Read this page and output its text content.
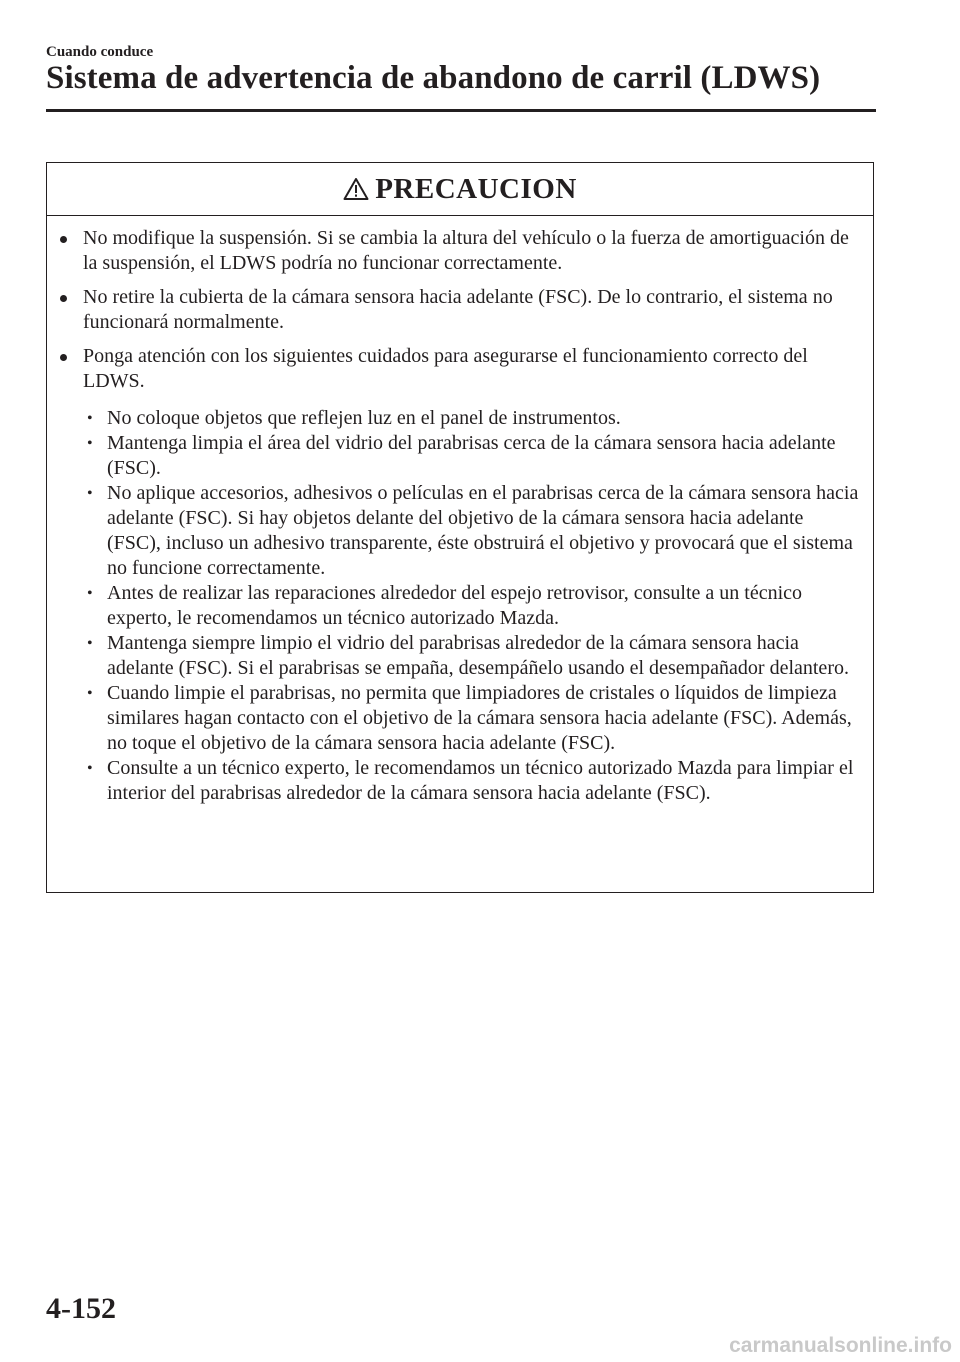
Cuando conduce
Sistema de advertencia de abandono de carril (LDWS)
PRECAUCION
No modifique la suspensión. Si se cambia la altura del vehículo o la fuerza de amortiguación de la suspensión, el LDWS podría no funcionar correctamente.
No retire la cubierta de la cámara sensora hacia adelante (FSC). De lo contrario, el sistema no funcionará normalmente.
Ponga atención con los siguientes cuidados para asegurarse el funcionamiento correcto del LDWS.
• No coloque objetos que reflejen luz en el panel de instrumentos.
• Mantenga limpia el área del vidrio del parabrisas cerca de la cámara sensora hacia adelante (FSC).
• No aplique accesorios, adhesivos o películas en el parabrisas cerca de la cámara sensora hacia adelante (FSC). Si hay objetos delante del objetivo de la cámara sensora hacia adelante (FSC), incluso un adhesivo transparente, éste obstruirá el objetivo y provocará que el sistema no funcione correctamente.
• Antes de realizar las reparaciones alrededor del espejo retrovisor, consulte a un técnico experto, le recomendamos un técnico autorizado Mazda.
• Mantenga siempre limpio el vidrio del parabrisas alrededor de la cámara sensora hacia adelante (FSC). Si el parabrisas se empaña, desempáñelo usando el desempañador delantero.
• Cuando limpie el parabrisas, no permita que limpiadores de cristales o líquidos de limpieza similares hagan contacto con el objetivo de la cámara sensora hacia adelante (FSC). Además, no toque el objetivo de la cámara sensora hacia adelante (FSC).
• Consulte a un técnico experto, le recomendamos un técnico autorizado Mazda para limpiar el interior del parabrisas alrededor de la cámara sensora hacia adelante (FSC).
4-152
carmanualsonline.info
